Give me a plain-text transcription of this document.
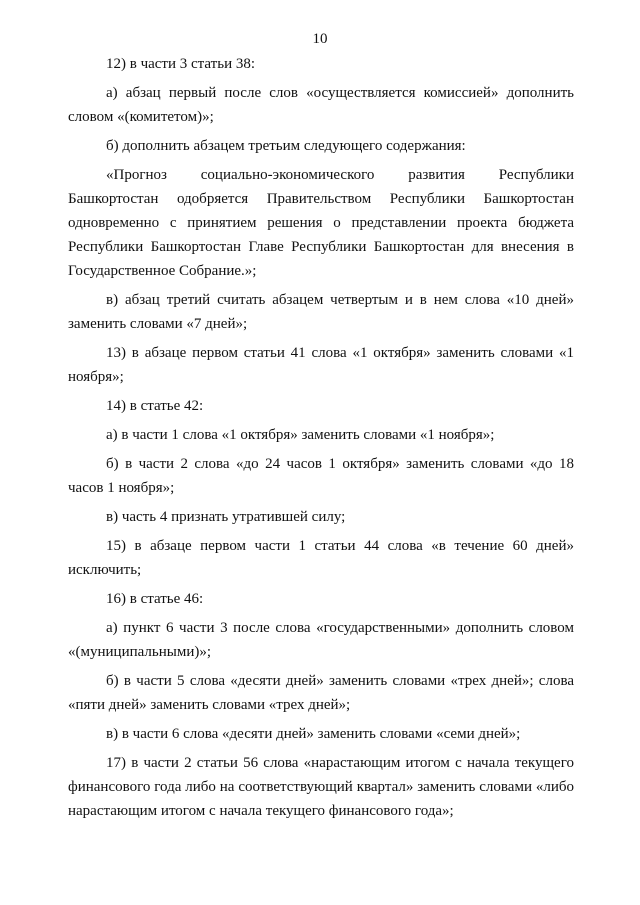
10

12) в части 3 статьи 38:

а) абзац первый после слов «осуществляется комиссией» дополнить словом «(комитетом)»;

б) дополнить абзацем третьим следующего содержания:

«Прогноз социально-экономического развития Республики Башкортостан одобряется Правительством Республики Башкортостан одновременно с принятием решения о представлении проекта бюджета Республики Башкортостан Главе Республики Башкортостан для внесения в Государственное Собрание.»;

в) абзац третий считать абзацем четвертым и в нем слова «10 дней» заменить словами «7 дней»;

13) в абзаце первом статьи 41 слова «1 октября» заменить словами «1 ноября»;

14) в статье 42:

а) в части 1 слова «1 октября» заменить словами «1 ноября»;

б) в части 2 слова «до 24 часов 1 октября» заменить словами «до 18 часов 1 ноября»;

в) часть 4 признать утратившей силу;

15) в абзаце первом части 1 статьи 44 слова «в течение 60 дней» исключить;

16) в статье 46:

а) пункт 6 части 3 после слова «государственными» дополнить словом «(муниципальными)»;

б) в части 5 слова «десяти дней» заменить словами «трех дней»; слова «пяти дней» заменить словами «трех дней»;

в) в части 6 слова «десяти дней» заменить словами «семи дней»;

17) в части 2 статьи 56 слова «нарастающим итогом с начала текущего финансового года либо на соответствующий квартал» заменить словами «либо нарастающим итогом с начала текущего финансового года»;
